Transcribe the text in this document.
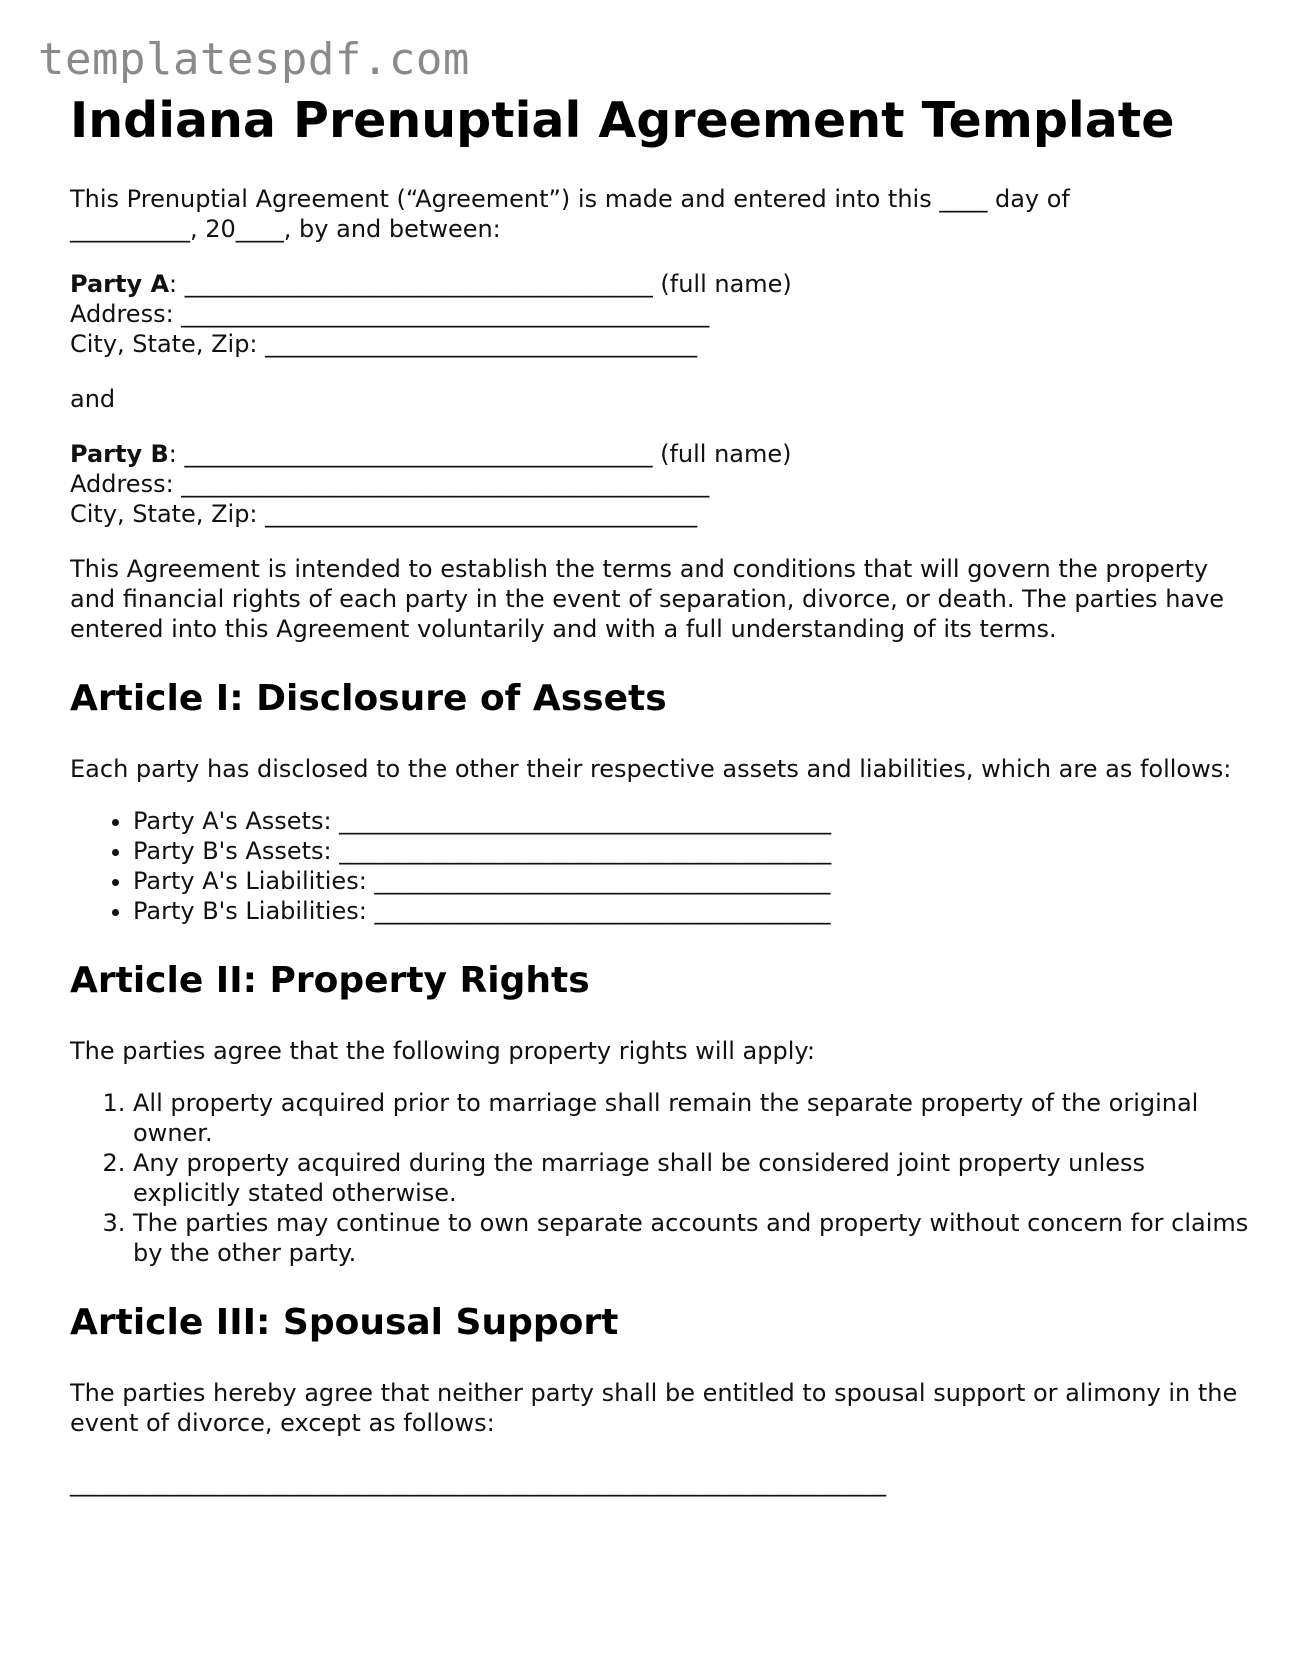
templatespdf.com
Indiana Prenuptial Agreement Template

This Prenuptial Agreement (“Agreement”) is made and entered into this ____ day of
__________, 20____, by and between:

Party A: _______________________________________ (full name)
Address: ____________________________________________
City, State, Zip: ____________________________________

and

Party B: _______________________________________ (full name)
Address: ____________________________________________
City, State, Zip: ____________________________________

This Agreement is intended to establish the terms and conditions that will govern the property and financial rights of each party in the event of separation, divorce, or death. The parties have entered into this Agreement voluntarily and with a full understanding of its terms.

Article I: Disclosure of Assets

Each party has disclosed to the other their respective assets and liabilities, which are as follows:

• Party A's Assets: _________________________________________
• Party B's Assets: _________________________________________
• Party A's Liabilities: ______________________________________
• Party B's Liabilities: ______________________________________
Article II: Property Rights

The parties agree that the following property rights will apply:

1. All property acquired prior to marriage shall remain the separate property of the original owner.
2. Any property acquired during the marriage shall be considered joint property unless explicitly stated otherwise.
3. The parties may continue to own separate accounts and property without concern for claims by the other party.
Article III: Spousal Support

The parties hereby agree that neither party shall be entitled to spousal support or alimony in the event of divorce, except as follows:

____________________________________________________________________
